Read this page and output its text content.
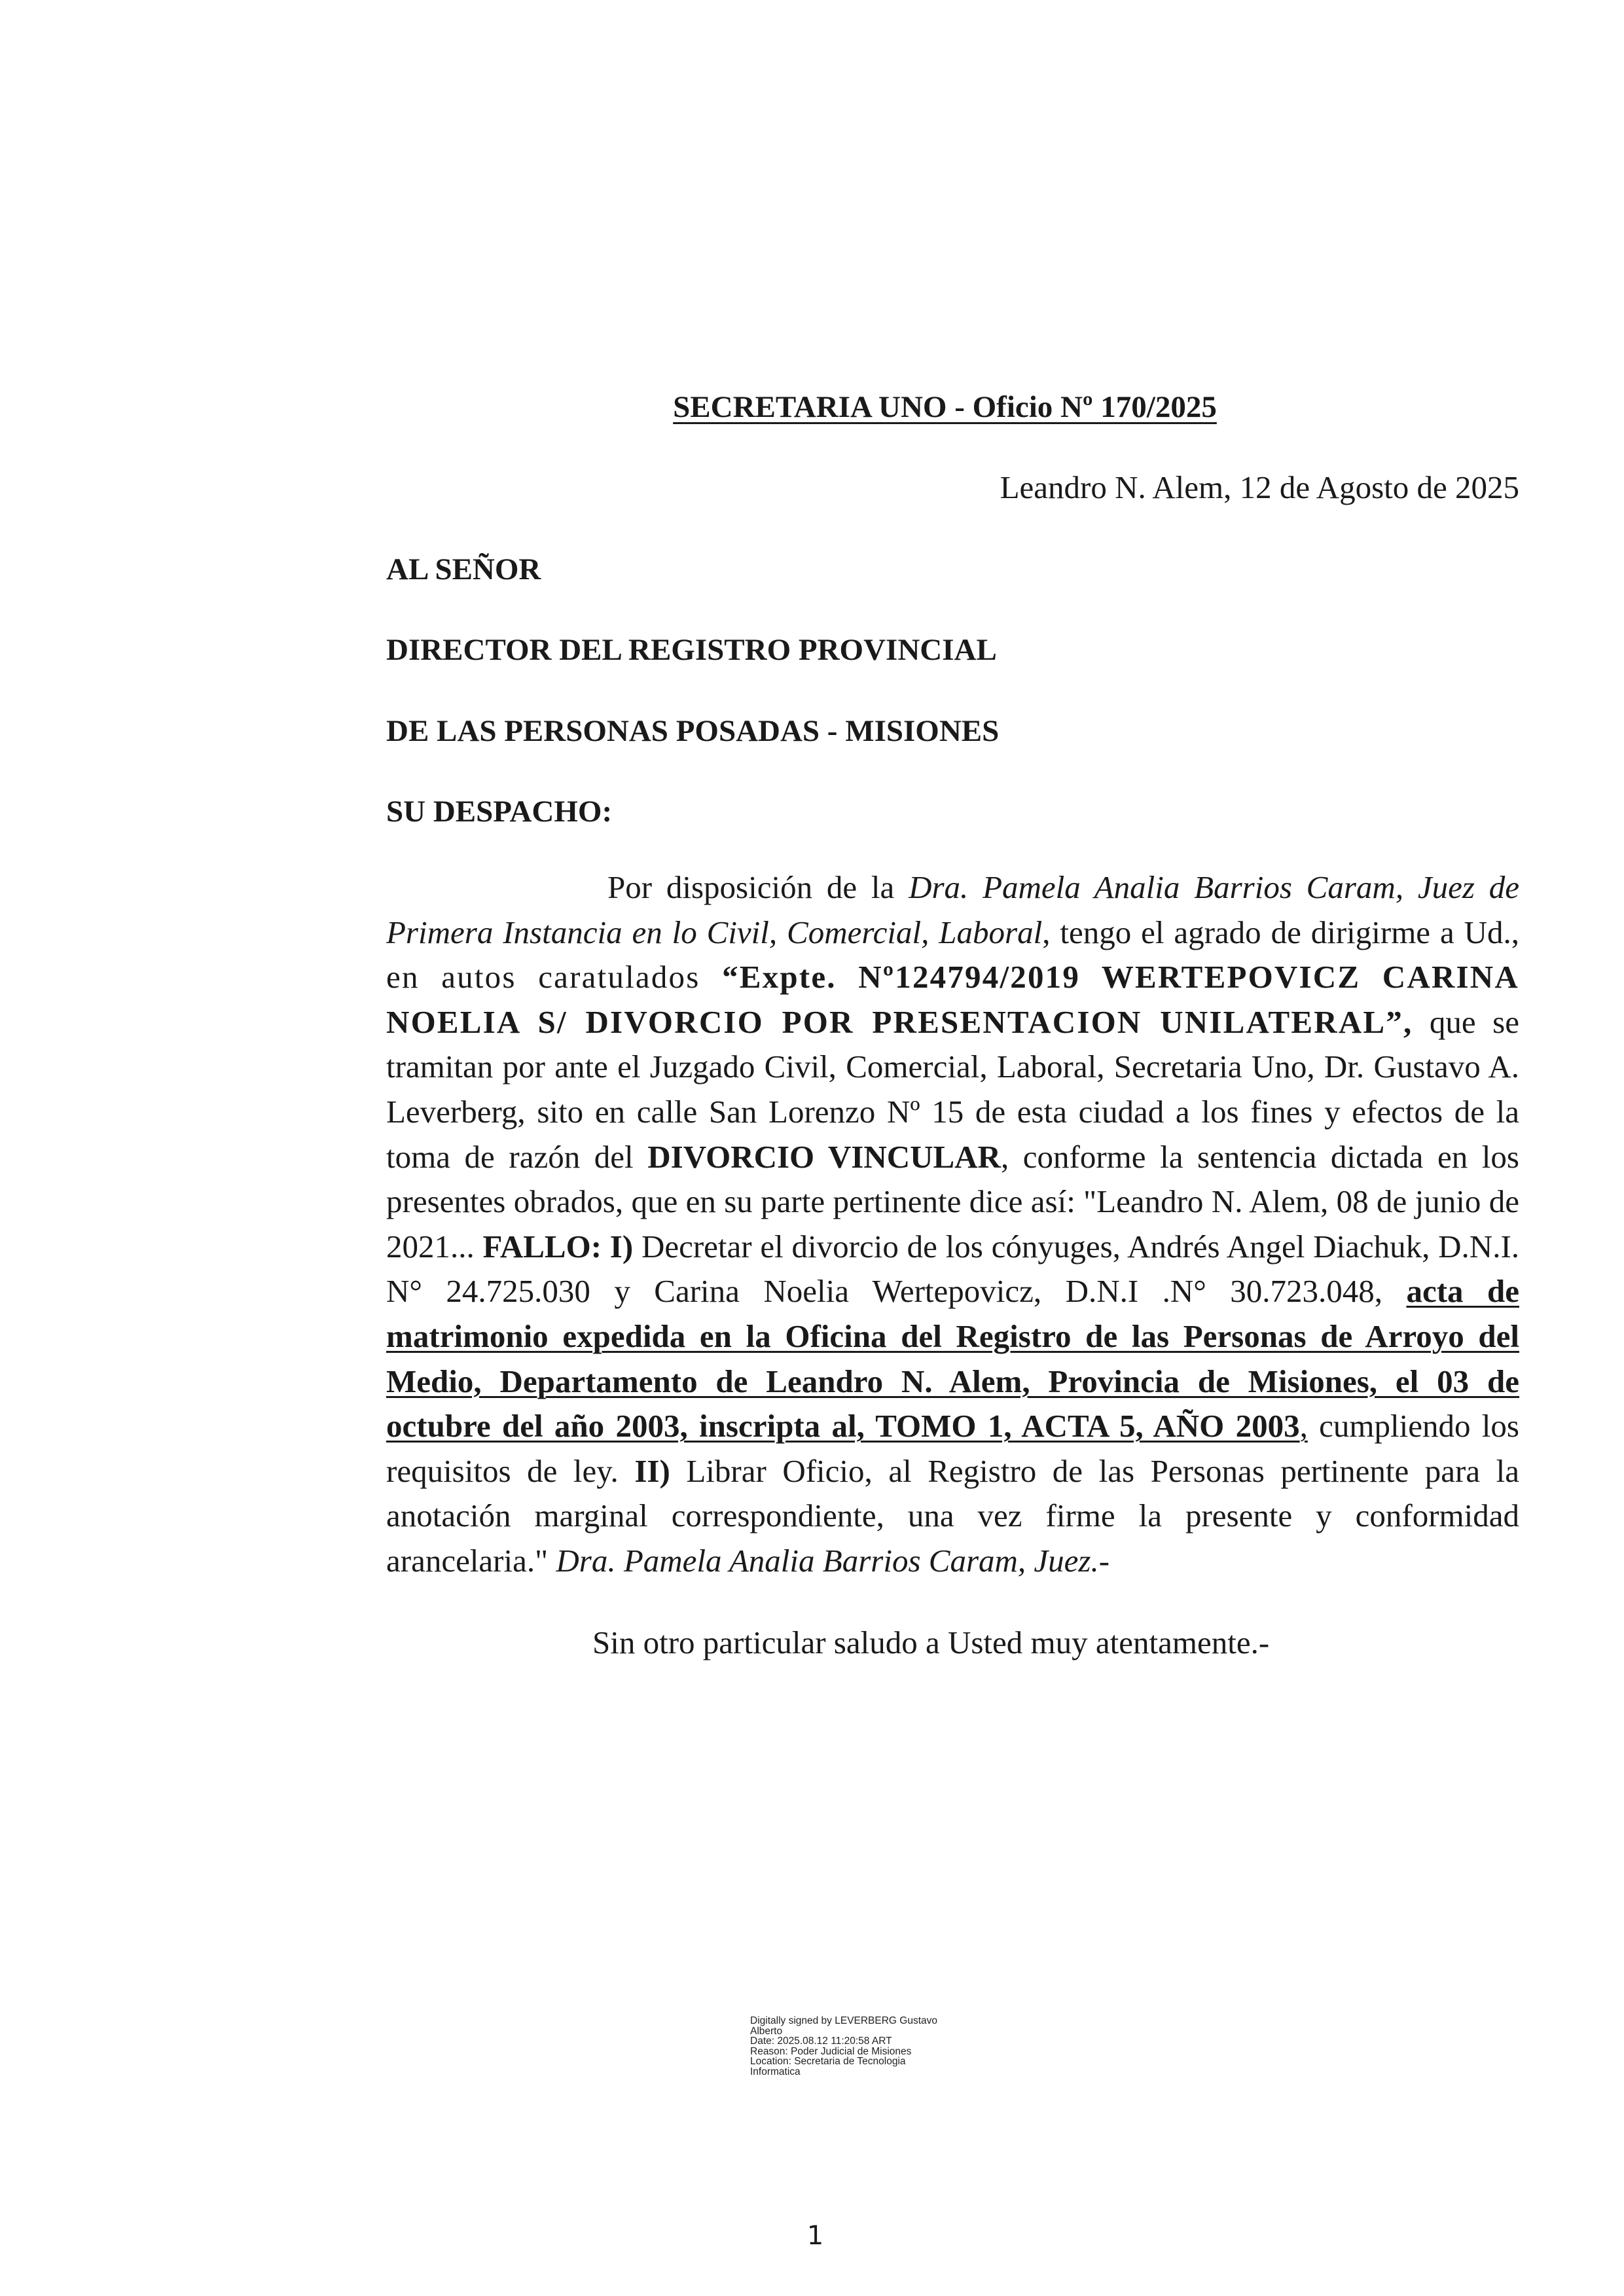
SECRETARIA UNO - Oficio Nº 170/2025
Leandro N. Alem, 12 de Agosto de 2025
AL SEÑOR
DIRECTOR DEL REGISTRO PROVINCIAL
DE LAS PERSONAS POSADAS - MISIONES
SU DESPACHO:

Por disposición de la Dra. Pamela Analia Barrios Caram, Juez de Primera Instancia en lo Civil, Comercial, Laboral, tengo el agrado de dirigirme a Ud., en autos caratulados “Expte. Nº124794/2019 WERTEPOVICZ CARINA NOELIA S/ DIVORCIO POR PRESENTACION UNILATERAL”, que se tramitan por ante el Juzgado Civil, Comercial, Laboral, Secretaria Uno, Dr. Gustavo A. Leverberg, sito en calle San Lorenzo Nº 15 de esta ciudad a los fines y efectos de la toma de razón del DIVORCIO VINCULAR, conforme la sentencia dictada en los presentes obrados, que en su parte pertinente dice así: "Leandro N. Alem, 08 de junio de 2021... FALLO: I) Decretar el divorcio de los cónyuges, Andrés Angel Diachuk, D.N.I. N° 24.725.030 y Carina Noelia Wertepovicz, D.N.I .N° 30.723.048, acta de matrimonio expedida en la Oficina del Registro de las Personas de Arroyo del Medio, Departamento de Leandro N. Alem, Provincia de Misiones, el 03 de octubre del año 2003, inscripta al, TOMO 1, ACTA 5, AÑO 2003, cumpliendo los requisitos de ley. II) Librar Oficio, al Registro de las Personas pertinente para la anotación marginal correspondiente, una vez firme la presente y conformidad arancelaria." Dra. Pamela Analia Barrios Caram, Juez.-

Sin otro particular saludo a Usted muy atentamente.-
Digitally signed by LEVERBERG Gustavo
Alberto
Date: 2025.08.12 11:20:58 ART
Reason: Poder Judicial de Misiones
Location: Secretaria de Tecnologia
Informatica
1
